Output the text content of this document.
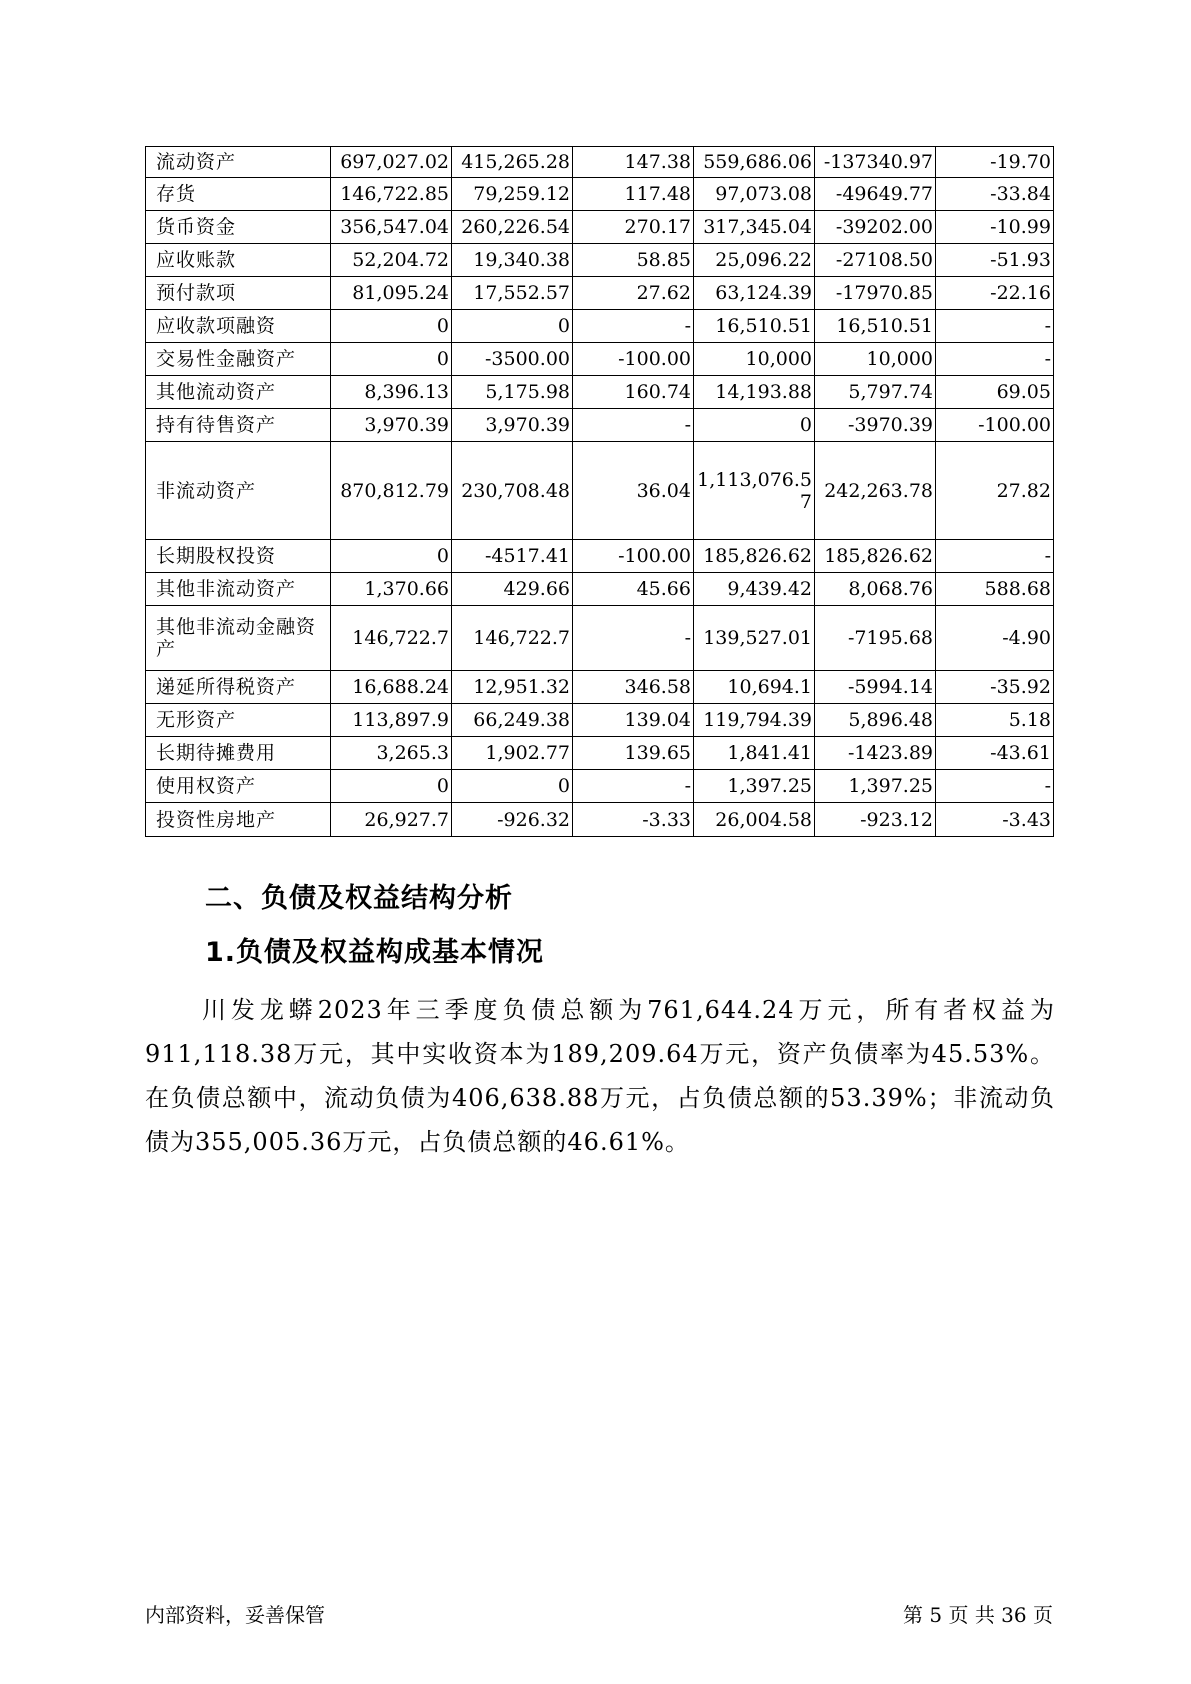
流动资产	697,027.02	415,265.28	147.38	559,686.06	-137340.97	-19.70
存货	146,722.85	79,259.12	117.48	97,073.08	-49649.77	-33.84
货币资金	356,547.04	260,226.54	270.17	317,345.04	-39202.00	-10.99
应收账款	52,204.72	19,340.38	58.85	25,096.22	-27108.50	-51.93
预付款项	81,095.24	17,552.57	27.62	63,124.39	-17970.85	-22.16
应收款项融资	0	0	-	16,510.51	16,510.51	-
交易性金融资产	0	-3500.00	-100.00	10,000	10,000	-
其他流动资产	8,396.13	5,175.98	160.74	14,193.88	5,797.74	69.05
持有待售资产	3,970.39	3,970.39	-	0	-3970.39	-100.00
非流动资产	870,812.79	230,708.48	36.04	1,113,076.57	242,263.78	27.82
长期股权投资	0	-4517.41	-100.00	185,826.62	185,826.62	-
其他非流动资产	1,370.66	429.66	45.66	9,439.42	8,068.76	588.68
其他非流动金融资产	146,722.7	146,722.7	-	139,527.01	-7195.68	-4.90
递延所得税资产	16,688.24	12,951.32	346.58	10,694.1	-5994.14	-35.92
无形资产	113,897.9	66,249.38	139.04	119,794.39	5,896.48	5.18
长期待摊费用	3,265.3	1,902.77	139.65	1,841.41	-1423.89	-43.61
使用权资产	0	0	-	1,397.25	1,397.25	-
投资性房地产	26,927.7	-926.32	-3.33	26,004.58	-923.12	-3.43
二、负债及权益结构分析
1.负债及权益构成基本情况

川发龙蟒2023年三季度负债总额为761,644.24万元，所有者权益为911,118.38万元，其中实收资本为189,209.64万元，资产负债率为45.53%。在负债总额中，流动负债为406,638.88万元，占负债总额的53.39%；非流动负债为355,005.36万元，占负债总额的46.61%。

内部资料，妥善保管	第 5 页 共 36 页
